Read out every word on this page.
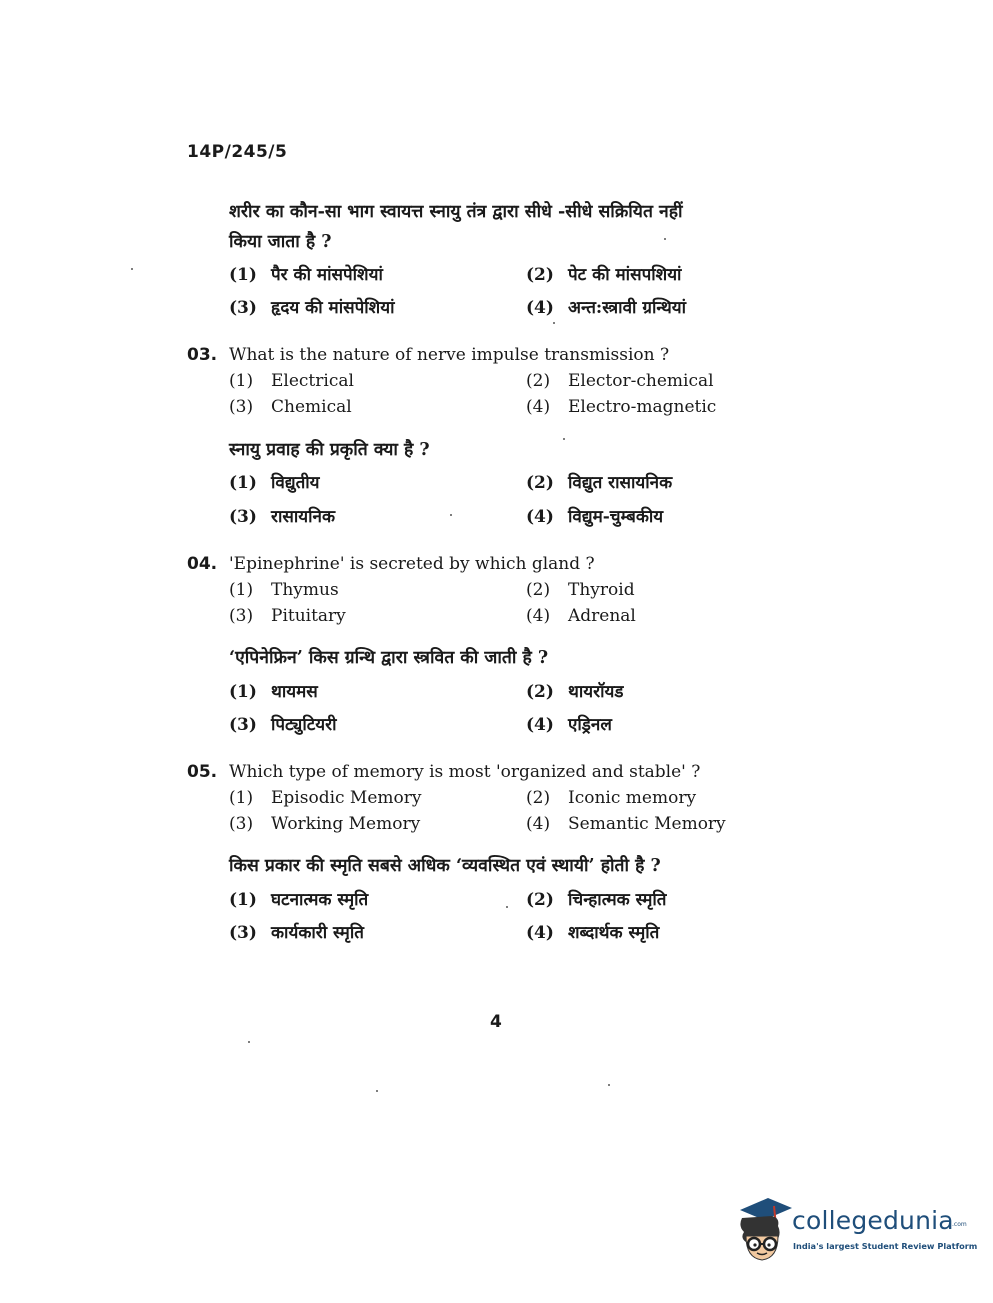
14P/245/5
शरीर का कौन-सा भाग स्वायत्त स्नायु तंत्र द्वारा सीधे -सीधे सक्रियित नहीं
किया जाता है ?
(1) पैर की मांसपेशियां	(2) पेट की मांसपशियां
(3) हृदय की मांसपेशियां	(4) अन्त:स्त्रावी ग्रन्थियां
03. What is the nature of nerve impulse transmission ?
(1) Electrical	(2) Elector-chemical
(3) Chemical	(4) Electro-magnetic
स्नायु प्रवाह की प्रकृति क्या है ?
(1) विद्युतीय	(2) विद्युत रासायनिक
(3) रासायनिक	(4) विद्युम-चुम्बकीय
04. 'Epinephrine' is secreted by which gland ?
(1) Thymus	(2) Thyroid
(3) Pituitary	(4) Adrenal
‘एपिनेफ्रिन’ किस ग्रन्थि द्वारा स्त्रवित की जाती है ?
(1) थायमस	(2) थायरॉयड
(3) पिट्युटियरी	(4) एड्रिनल
05. Which type of memory is most 'organized and stable' ?
(1) Episodic Memory	(2) Iconic memory
(3) Working Memory	(4) Semantic Memory
किस प्रकार की स्मृति सबसे अधिक ‘व्यवस्थित एवं स्थायी’ होती है ?
(1) घटनात्मक स्मृति	(2) चिन्हात्मक स्मृति
(3) कार्यकारी स्मृति	(4) शब्दार्थक स्मृति
4
collegedunia
.com
India's largest Student Review Platform
